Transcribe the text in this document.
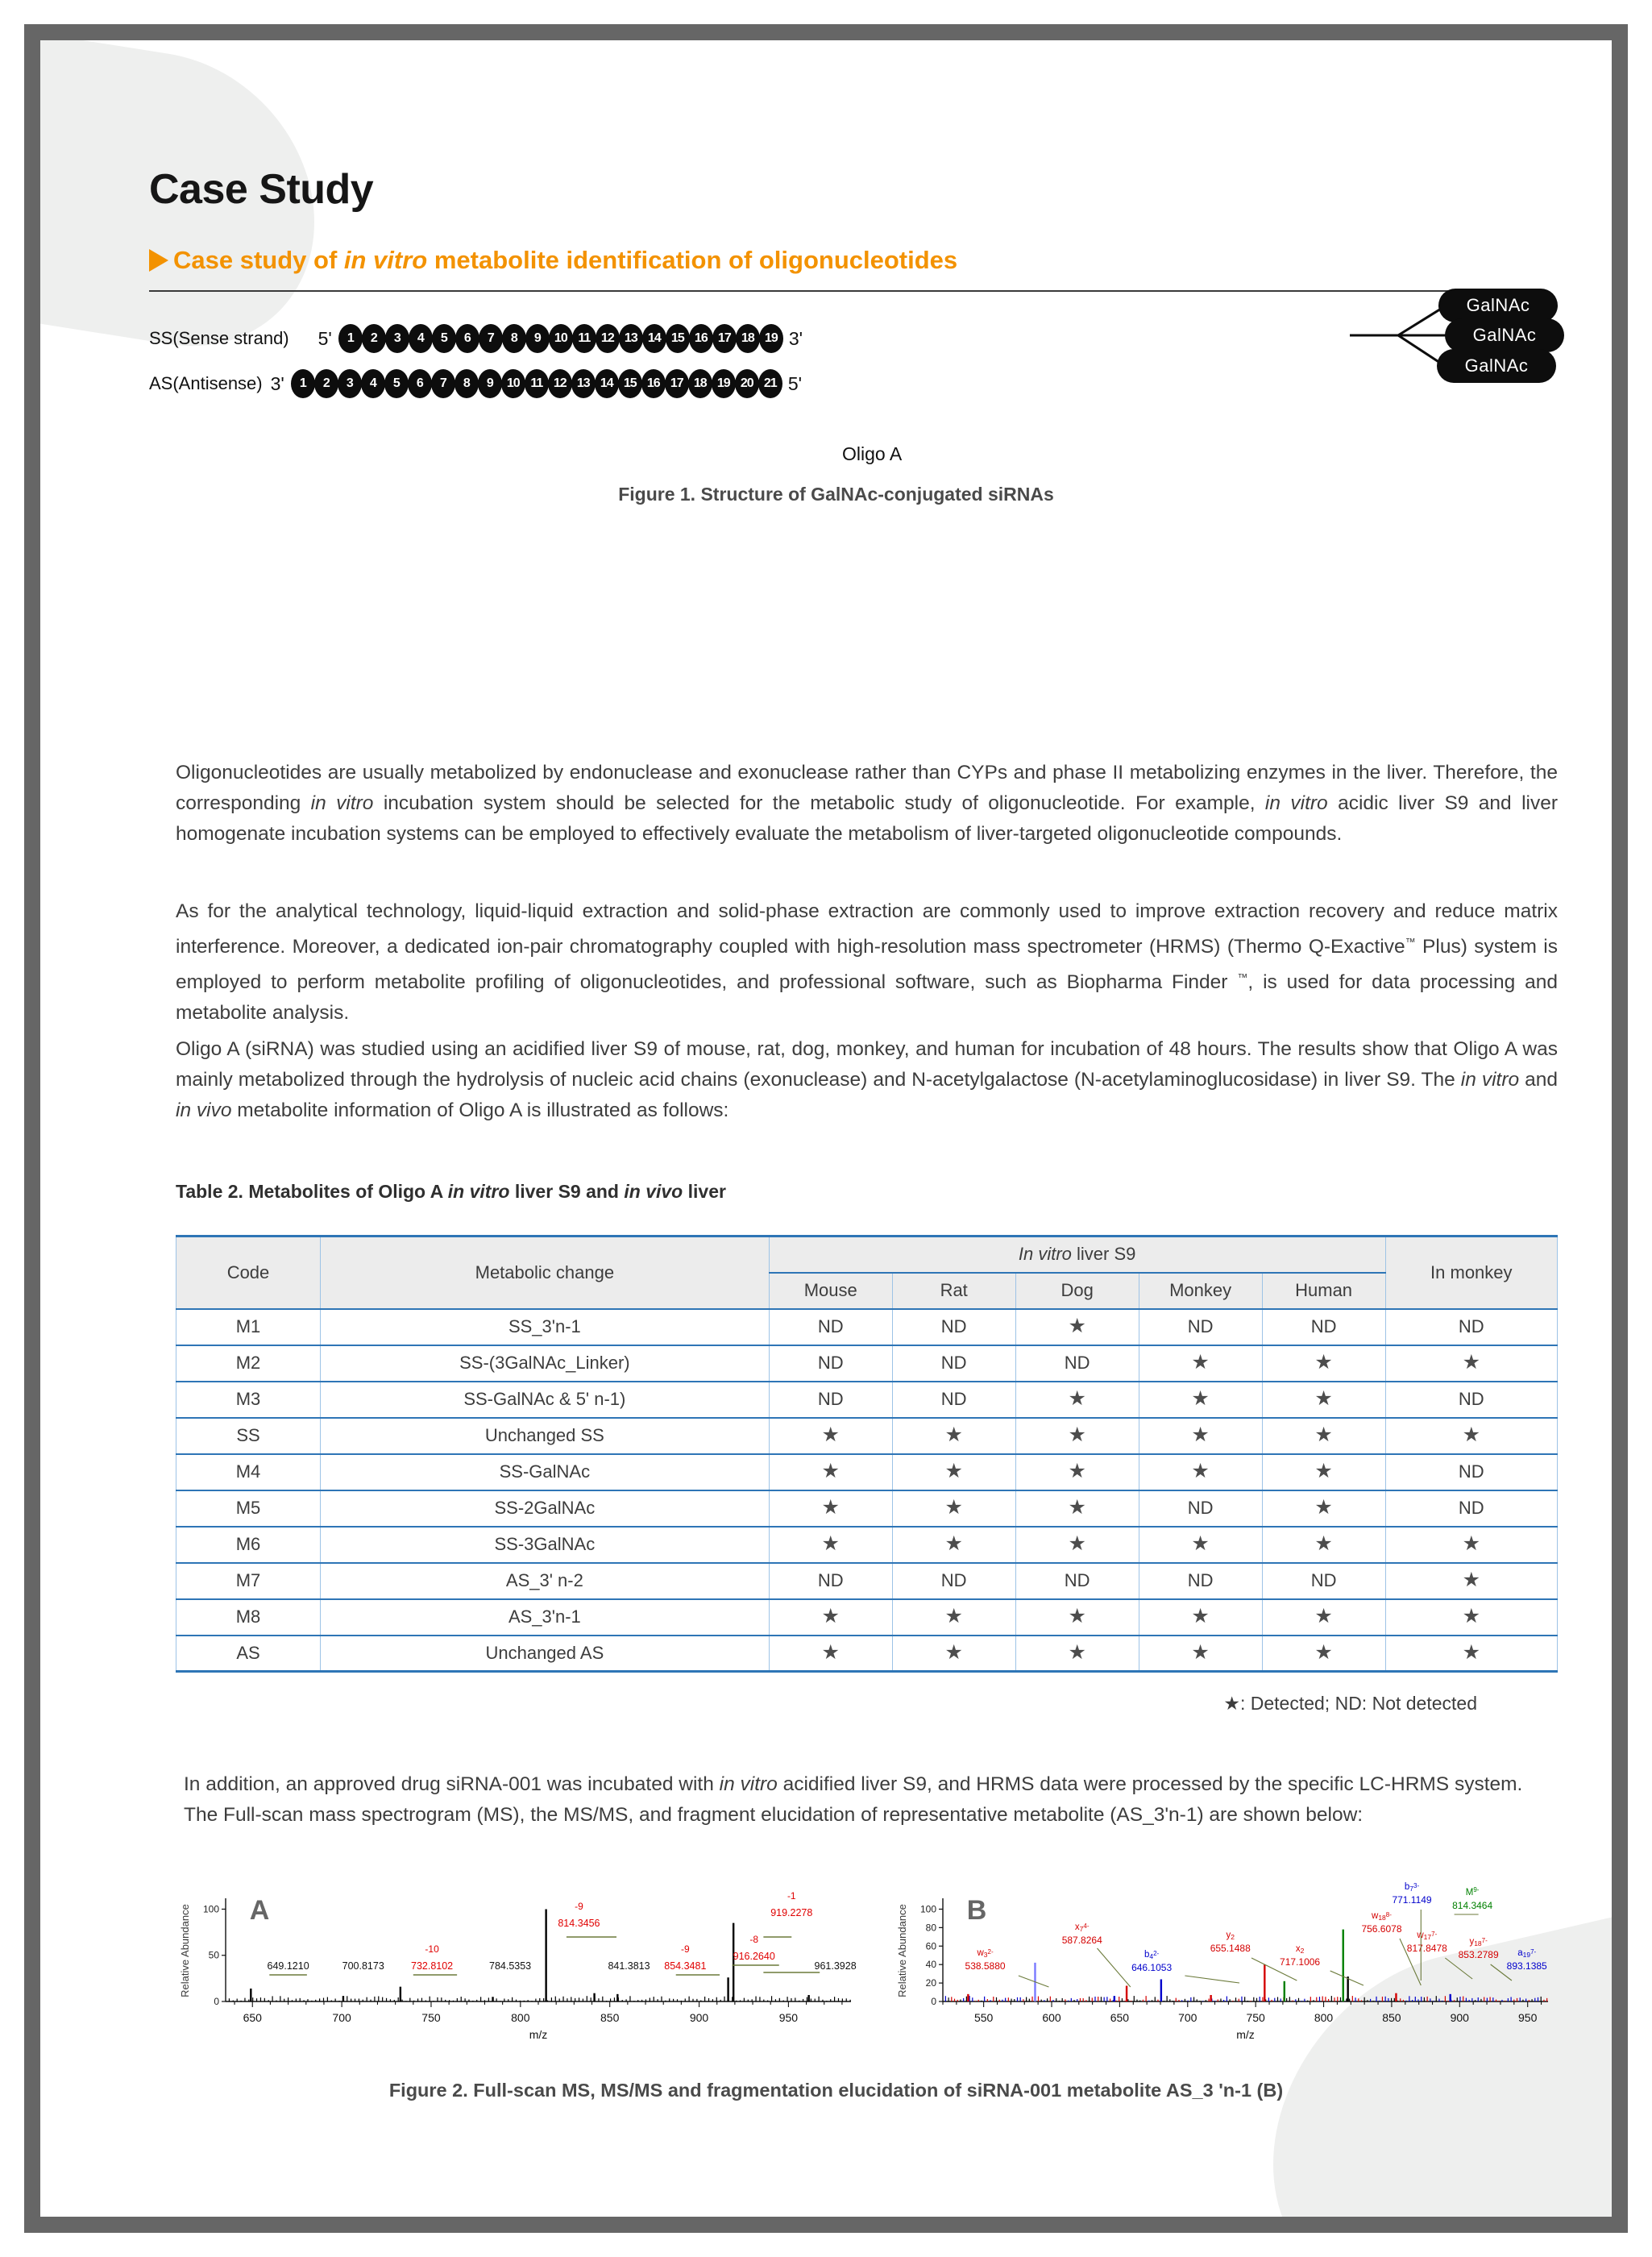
Case Study
Case study of in vitro metabolite identification of oligonucleotides
SS(Sense strand) 5'	1	2	3	4	5	6	7	8	9	10 11 12 13 14 15 16 17 18 19 3'
AS(Antisense) 3'	1	2	3	4	5	6	7	8	9	10 11 12 13 14 15 16 17 18 19 20 21 5'
GalNAc
GalNAc
GalNAc
Oligo A
Figure 1. Structure of GalNAc-conjugated siRNAs
Oligonucleotides are usually metabolized by endonuclease and exonuclease rather than CYPs and phase II metabolizing enzymes in the liver. Therefore, the corresponding in vitro incubation system should be selected for the metabolic study of oligonucleotide. For example, in vitro acidic liver S9 and liver homogenate incubation systems can be employed to effectively evaluate the metabolism of liver-targeted oligonucleotide compounds.
As for the analytical technology, liquid-liquid extraction and solid-phase extraction are commonly used to improve extraction recovery and reduce matrix interference. Moreover, a dedicated ion-pair chromatography coupled with high-resolution mass spectrometer (HRMS) (Thermo Q-Exactive™ Plus) system is employed to perform metabolite profiling of oligonucleotides, and professional software, such as Biopharma Finder ™, is used for data processing and metabolite analysis.
Oligo A (siRNA) was studied using an acidified liver S9 of mouse, rat, dog, monkey, and human for incubation of 48 hours. The results show that Oligo A was mainly metabolized through the hydrolysis of nucleic acid chains (exonuclease) and N-acetylgalactose (N-acetylaminoglucosidase) in liver S9. The in vitro and in vivo metabolite information of Oligo A is illustrated as follows:
Table 2. Metabolites of Oligo A in vitro liver S9 and in vivo liver
Code	Metabolic change	In vitro liver S9					In monkey
		Mouse	Rat	Dog	Monkey	Human	
M1	SS_3'n-1	ND	ND	★	ND	ND	ND
M2	SS-(3GalNAc_Linker)	ND	ND	ND	★	★	★
M3	SS-GalNAc & 5' n-1)	ND	ND	★	★	★	ND
SS	Unchanged SS	★	★	★	★	★	★
M4	SS-GalNAc	★	★	★	★	★	ND
M5	SS-2GalNAc	★	★	★	ND	★	ND
M6	SS-3GalNAc	★	★	★	★	★	★
M7	AS_3' n-2	ND	ND	ND	ND	ND	★
M8	AS_3'n-1	★	★	★	★	★	★
AS	Unchanged AS	★	★	★	★	★	★
★: Detected; ND: Not detected
In addition, an approved drug siRNA-001 was incubated with in vitro acidified liver S9, and HRMS data were processed by the specific LC-HRMS system. The Full-scan mass spectrogram (MS), the MS/MS, and fragment elucidation of representative metabolite (AS_3'n-1) are shown below:
Relative Abundance A
0
50
100
650	700	750	800	850	900	950
m/z
649.1210	700.8173
-10
732.8102	784.5353
-9
814.3456
841.3813
-9
854.3481
-8
916.2640
-1
919.2278
961.3928	Relative Abundance B
0
20
40
60
80
100
550	600	650	700	750	800	850	900	950
m/z
$w3^{2-}$
538.5880
$x7^{4-}$
587.8264
$b4^{2-}$
646.1053
y2
655.1488	x2
717.1006
$w18^{8-}$
756.6078
$b7^{3-}$
771.1149
$M^{9-}$
814.3464
$w17^{7-}$
817.8478
$y18^{7-}$
853.2789 $a19^{7-}$
893.1385
Figure 2. Full-scan MS, MS/MS and fragmentation elucidation of siRNA-001 metabolite AS_3 'n-1 (B)
